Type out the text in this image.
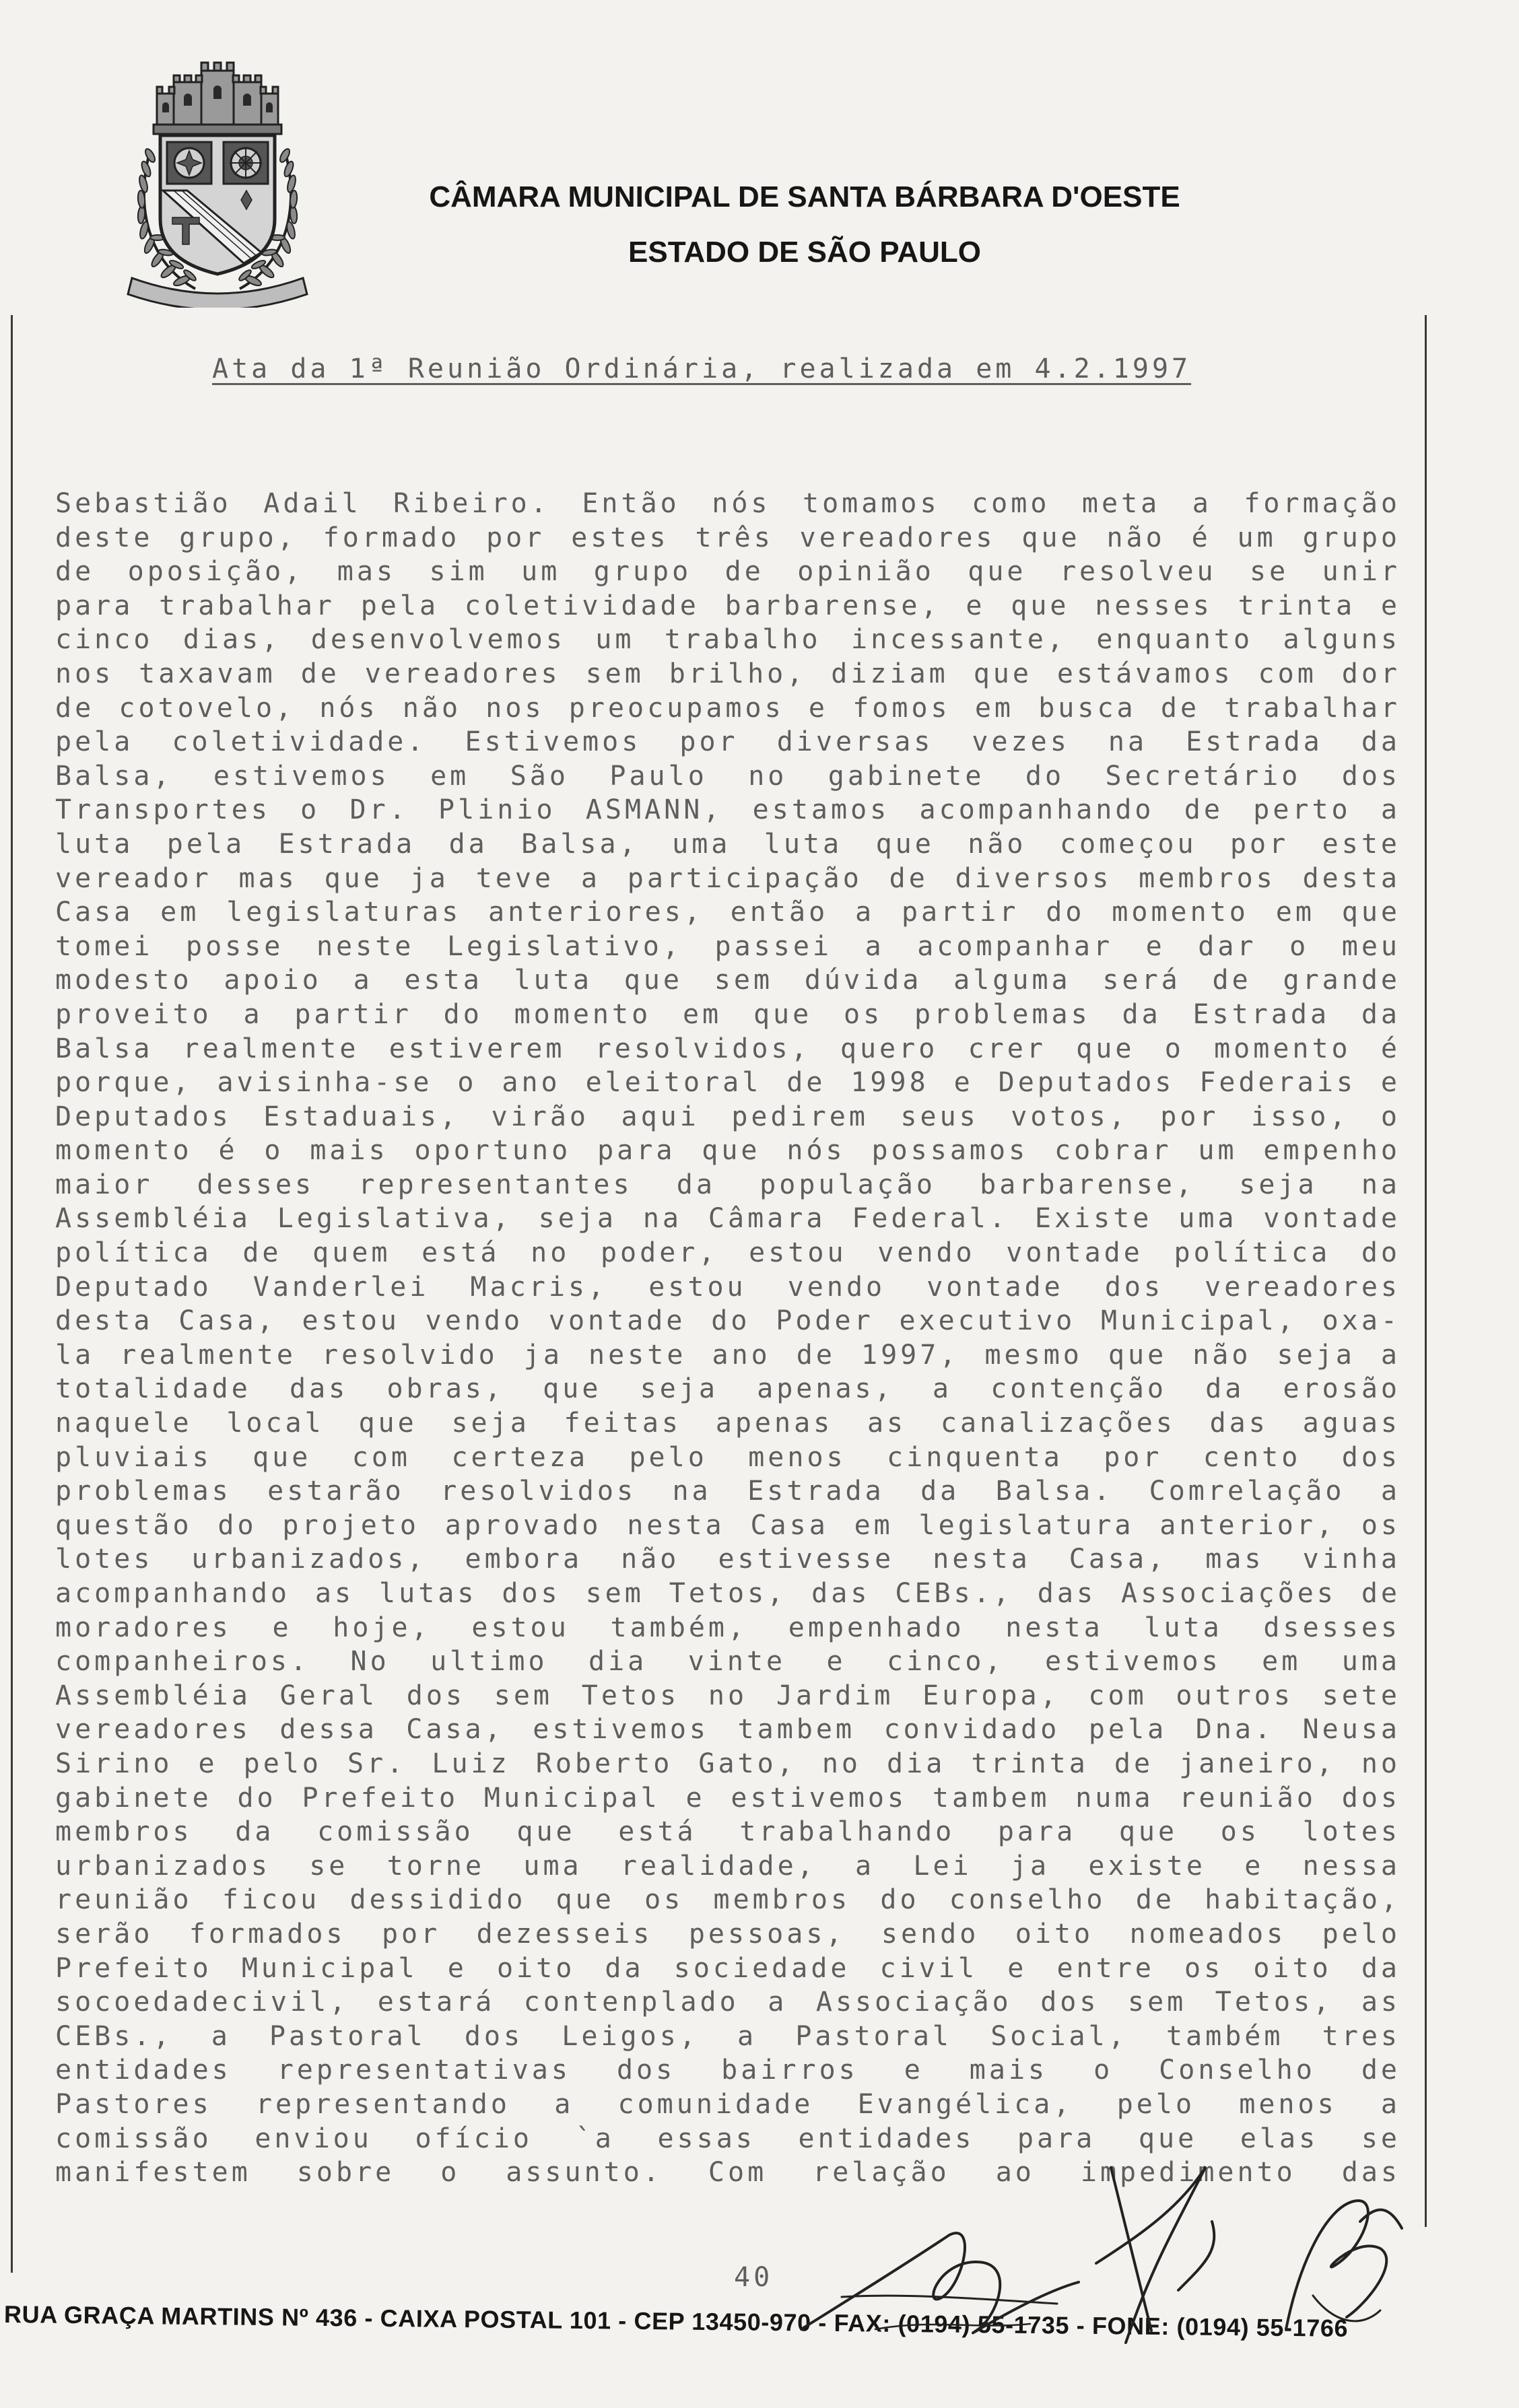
CÂMARA MUNICIPAL DE SANTA BÁRBARA D'OESTE
ESTADO DE SÃO PAULO
Ata da 1ª Reunião Ordinária, realizada em 4.2.1997
Sebastião Adail Ribeiro. Então nós tomamos como meta a formação
deste grupo, formado por estes três vereadores que não é um grupo
de oposição, mas sim um grupo de opinião que resolveu se unir
para trabalhar pela coletividade barbarense, e que nesses trinta e
cinco dias, desenvolvemos um trabalho incessante, enquanto alguns
nos taxavam de vereadores sem brilho, diziam que estávamos com dor
de cotovelo, nós não nos preocupamos e fomos em busca de trabalhar
pela coletividade. Estivemos por diversas vezes na Estrada da
Balsa, estivemos em São Paulo no gabinete do Secretário dos
Transportes o Dr. Plinio ASMANN, estamos acompanhando de perto a
luta pela Estrada da Balsa, uma luta que não começou por este
vereador mas que ja teve a participação de diversos membros desta
Casa em legislaturas anteriores, então a partir do momento em que
tomei posse neste Legislativo, passei a acompanhar e dar o meu
modesto apoio a esta luta que sem dúvida alguma será de grande
proveito a partir do momento em que os problemas da Estrada da
Balsa realmente estiverem resolvidos, quero crer que o momento é
porque, avisinha-se o ano eleitoral de 1998 e Deputados Federais e
Deputados Estaduais, virão aqui pedirem seus votos, por isso, o
momento é o mais oportuno para que nós possamos cobrar um empenho
maior desses representantes da população barbarense, seja na
Assembléia Legislativa, seja na Câmara Federal. Existe uma vontade
política de quem está no poder, estou vendo vontade política do
Deputado Vanderlei Macris, estou vendo vontade dos vereadores
desta Casa, estou vendo vontade do Poder executivo Municipal, oxa-
la realmente resolvido ja neste ano de 1997, mesmo que não seja a
totalidade das obras, que seja apenas, a contenção da erosão
naquele local que seja feitas apenas as canalizações das aguas
pluviais que com certeza pelo menos cinquenta por cento dos
problemas estarão resolvidos na Estrada da Balsa. Comrelação a
questão do projeto aprovado nesta Casa em legislatura anterior, os
lotes urbanizados, embora não estivesse nesta Casa, mas vinha
acompanhando as lutas dos sem Tetos, das CEBs., das Associações de
moradores e hoje, estou também, empenhado nesta luta dsesses
companheiros. No ultimo dia vinte e cinco, estivemos em uma
Assembléia Geral dos sem Tetos no Jardim Europa, com outros sete
vereadores dessa Casa, estivemos tambem convidado pela Dna. Neusa
Sirino e pelo Sr. Luiz Roberto Gato, no dia trinta de janeiro, no
gabinete do Prefeito Municipal e estivemos tambem numa reunião dos
membros da comissão que está trabalhando para que os lotes
urbanizados se torne uma realidade, a Lei ja existe e nessa
reunião ficou dessidido que os membros do conselho de habitação,
serão formados por dezesseis pessoas, sendo oito nomeados pelo
Prefeito Municipal e oito da sociedade civil e entre os oito da
socoedadecivil, estará contenplado a Associação dos sem Tetos, as
CEBs., a Pastoral dos Leigos, a Pastoral Social, também tres
entidades representativas dos bairros e mais o Conselho de
Pastores representando a comunidade Evangélica, pelo menos a
comissão enviou ofício `a essas entidades para que elas se
manifestem sobre o assunto. Com relação ao impedimento das
40
RUA GRAÇA MARTINS Nº 436 - CAIXA POSTAL 101 - CEP 13450-970 - FAX: (0194) 55-1735 - FONE: (0194) 55-1766
